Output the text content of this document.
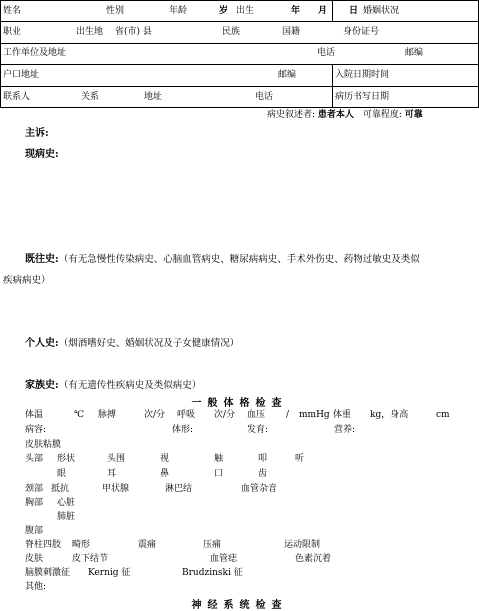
姓名	性别	年龄	岁 出生	年 月 日 婚姻状况
职业	出生地 省(市) 县	民族	国籍	身份证号
工作单位及地址	电话	邮编
户口地址	邮编	入院日期时间
联系人	关系	地址	电话	病历书写日期
病史叙述者: 患者本人 可靠程度: 可靠
主诉:
现病史:
既往史:（有无急慢性传染病史、心脑血管病史、糖尿病病史、手术外伤史、药物过敏史及类似
疾病病史）
个人史:（烟酒嗜好史、婚姻状况及子女健康情况）
家族史:（有无遗传性疾病史及类似病史）
一般体格检查
体温	℃ 脉搏	次/分 呼吸 次/分 血压 / mmHg 体重 kg，身高	cm
病容:	体形:	发育:	营养:
皮肤粘膜
头部 形状	头围	视	触	叩	听
眼	耳	鼻	口	齿
颈部 抵抗	甲状腺	淋巴结	血管杂音
胸部 心脏
肺脏
腹部
脊柱四肢 畸形	震痛	压痛	运动限制
皮肤	皮下结节	血管痣	色素沉着
脑膜刺激征 Kernig 征	Brudzinski 征
其他:
神经系统检查
